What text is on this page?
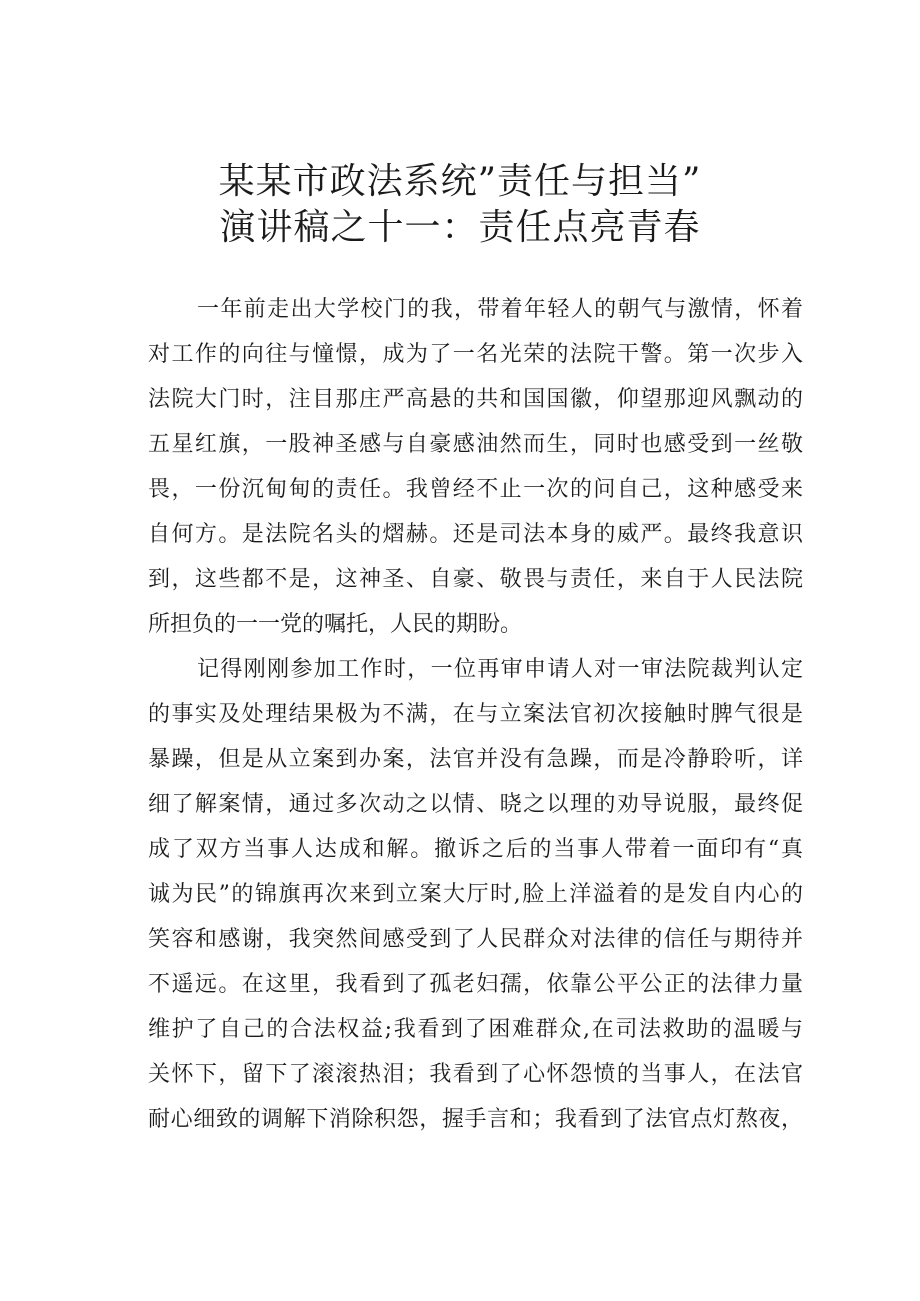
某某市政法系统”责任与担当”
演讲稿之十一：责任点亮青春
一年前走出大学校门的我，带着年轻人的朝气与激情，怀着
对工作的向往与憧憬，成为了一名光荣的法院干警。第一次步入
法院大门时，注目那庄严高悬的共和国国徽，仰望那迎风飘动的
五星红旗，一股神圣感与自豪感油然而生，同时也感受到一丝敬
畏，一份沉甸甸的责任。我曾经不止一次的问自己，这种感受来
自何方。是法院名头的熠赫。还是司法本身的威严。最终我意识
到，这些都不是，这神圣、自豪、敬畏与责任，来自于人民法院
所担负的一一党的嘱托，人民的期盼。
记得刚刚参加工作时，一位再审申请人对一审法院裁判认定
的事实及处理结果极为不满，在与立案法官初次接触时脾气很是
暴躁，但是从立案到办案，法官并没有急躁，而是冷静聆听，详
细了解案情，通过多次动之以情、晓之以理的劝导说服，最终促
成了双方当事人达成和解。撤诉之后的当事人带着一面印有“真
诚为民”的锦旗再次来到立案大厅时,脸上洋溢着的是发自内心的
笑容和感谢，我突然间感受到了人民群众对法律的信任与期待并
不遥远。在这里，我看到了孤老妇孺，依靠公平公正的法律力量
维护了自己的合法权益;我看到了困难群众,在司法救助的温暖与
关怀下，留下了滚滚热泪；我看到了心怀怨愤的当事人，在法官
耐心细致的调解下消除积怨，握手言和；我看到了法官点灯熬夜，
